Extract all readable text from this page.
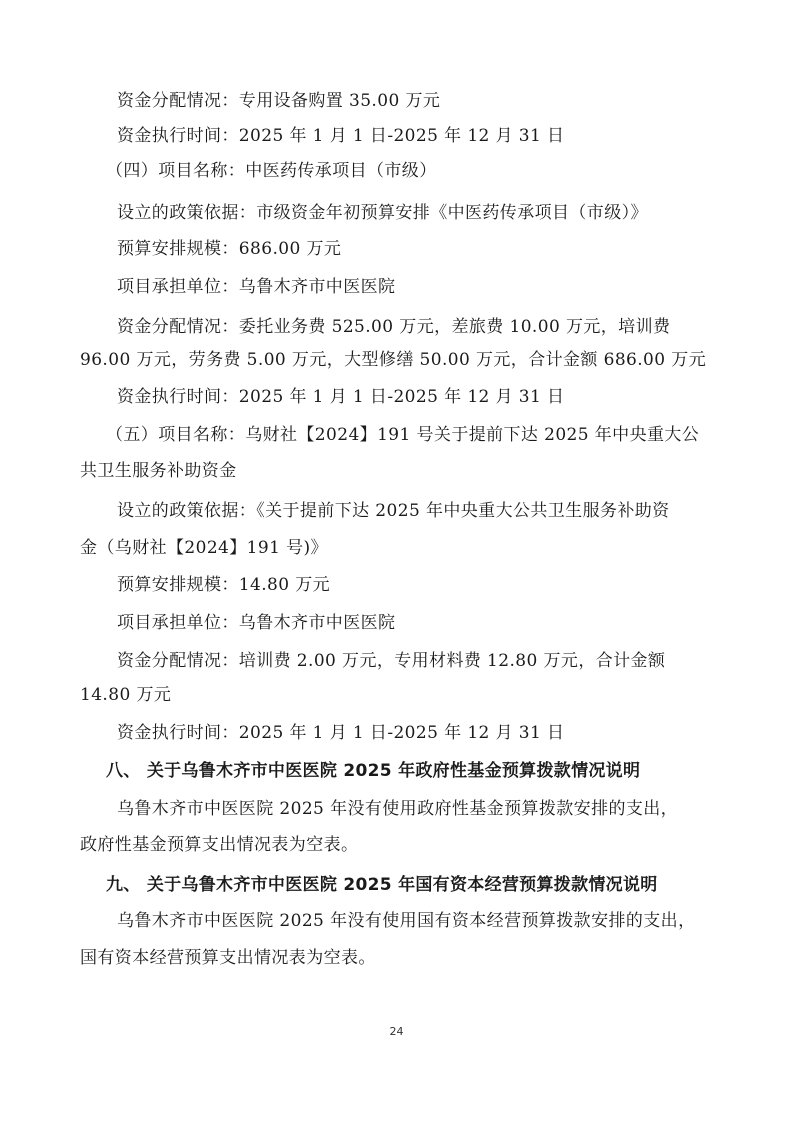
资金分配情况：专用设备购置 35.00 万元
资金执行时间：2025 年 1 月 1 日-2025 年 12 月 31 日
（四）项目名称：中医药传承项目（市级）
设立的政策依据：市级资金年初预算安排《中医药传承项目（市级）》
预算安排规模：686.00 万元
项目承担单位：乌鲁木齐市中医医院
资金分配情况：委托业务费 525.00 万元，差旅费 10.00 万元，培训费
96.00 万元，劳务费 5.00 万元，大型修缮 50.00 万元，合计金额 686.00 万元
资金执行时间：2025 年 1 月 1 日-2025 年 12 月 31 日
（五）项目名称：乌财社【2024】191 号关于提前下达 2025 年中央重大公
共卫生服务补助资金
设立的政策依据：《关于提前下达 2025 年中央重大公共卫生服务补助资
金（乌财社【2024】191 号)》
预算安排规模：14.80 万元
项目承担单位：乌鲁木齐市中医医院
资金分配情况：培训费 2.00 万元，专用材料费 12.80 万元，合计金额
14.80 万元
资金执行时间：2025 年 1 月 1 日-2025 年 12 月 31 日
八、 关于乌鲁木齐市中医医院 2025 年政府性基金预算拨款情况说明
乌鲁木齐市中医医院 2025 年没有使用政府性基金预算拨款安排的支出，
政府性基金预算支出情况表为空表。
九、 关于乌鲁木齐市中医医院 2025 年国有资本经营预算拨款情况说明
乌鲁木齐市中医医院 2025 年没有使用国有资本经营预算拨款安排的支出，
国有资本经营预算支出情况表为空表。
24
